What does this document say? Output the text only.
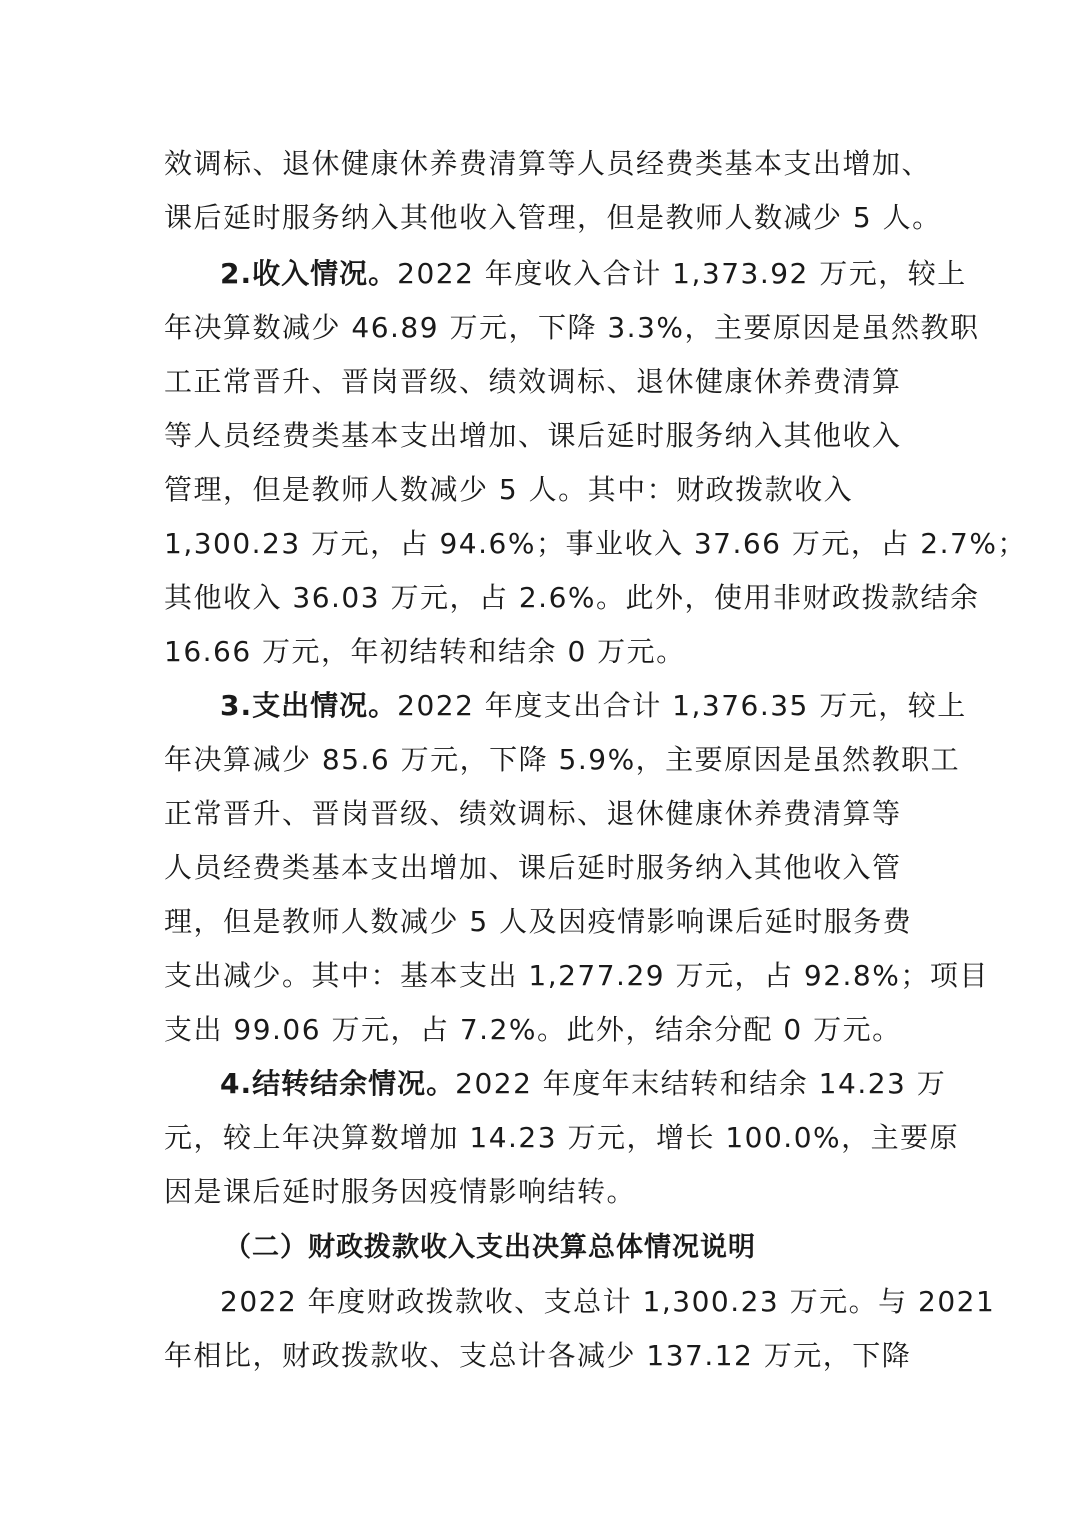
效调标、退休健康休养费清算等人员经费类基本支出增加、
课后延时服务纳入其他收入管理，但是教师人数减少 5 人。
2.收入情况。2022 年度收入合计 1,373.92 万元，较上
年决算数减少 46.89 万元，下降 3.3%，主要原因是虽然教职
工正常晋升、晋岗晋级、绩效调标、退休健康休养费清算
等人员经费类基本支出增加、课后延时服务纳入其他收入
管理，但是教师人数减少 5 人。其中：财政拨款收入
1,300.23 万元，占 94.6%；事业收入 37.66 万元，占 2.7%；
其他收入 36.03 万元，占 2.6%。此外，使用非财政拨款结余
16.66 万元，年初结转和结余 0 万元。
3.支出情况。2022 年度支出合计 1,376.35 万元，较上
年决算减少 85.6 万元，下降 5.9%，主要原因是虽然教职工
正常晋升、晋岗晋级、绩效调标、退休健康休养费清算等
人员经费类基本支出增加、课后延时服务纳入其他收入管
理，但是教师人数减少 5 人及因疫情影响课后延时服务费
支出减少。其中：基本支出 1,277.29 万元，占 92.8%；项目
支出 99.06 万元，占 7.2%。此外，结余分配 0 万元。
4.结转结余情况。2022 年度年末结转和结余 14.23 万
元，较上年决算数增加 14.23 万元，增长 100.0%，主要原
因是课后延时服务因疫情影响结转。
（二）财政拨款收入支出决算总体情况说明
2022 年度财政拨款收、支总计 1,300.23 万元。与 2021
年相比，财政拨款收、支总计各减少 137.12 万元，下降
